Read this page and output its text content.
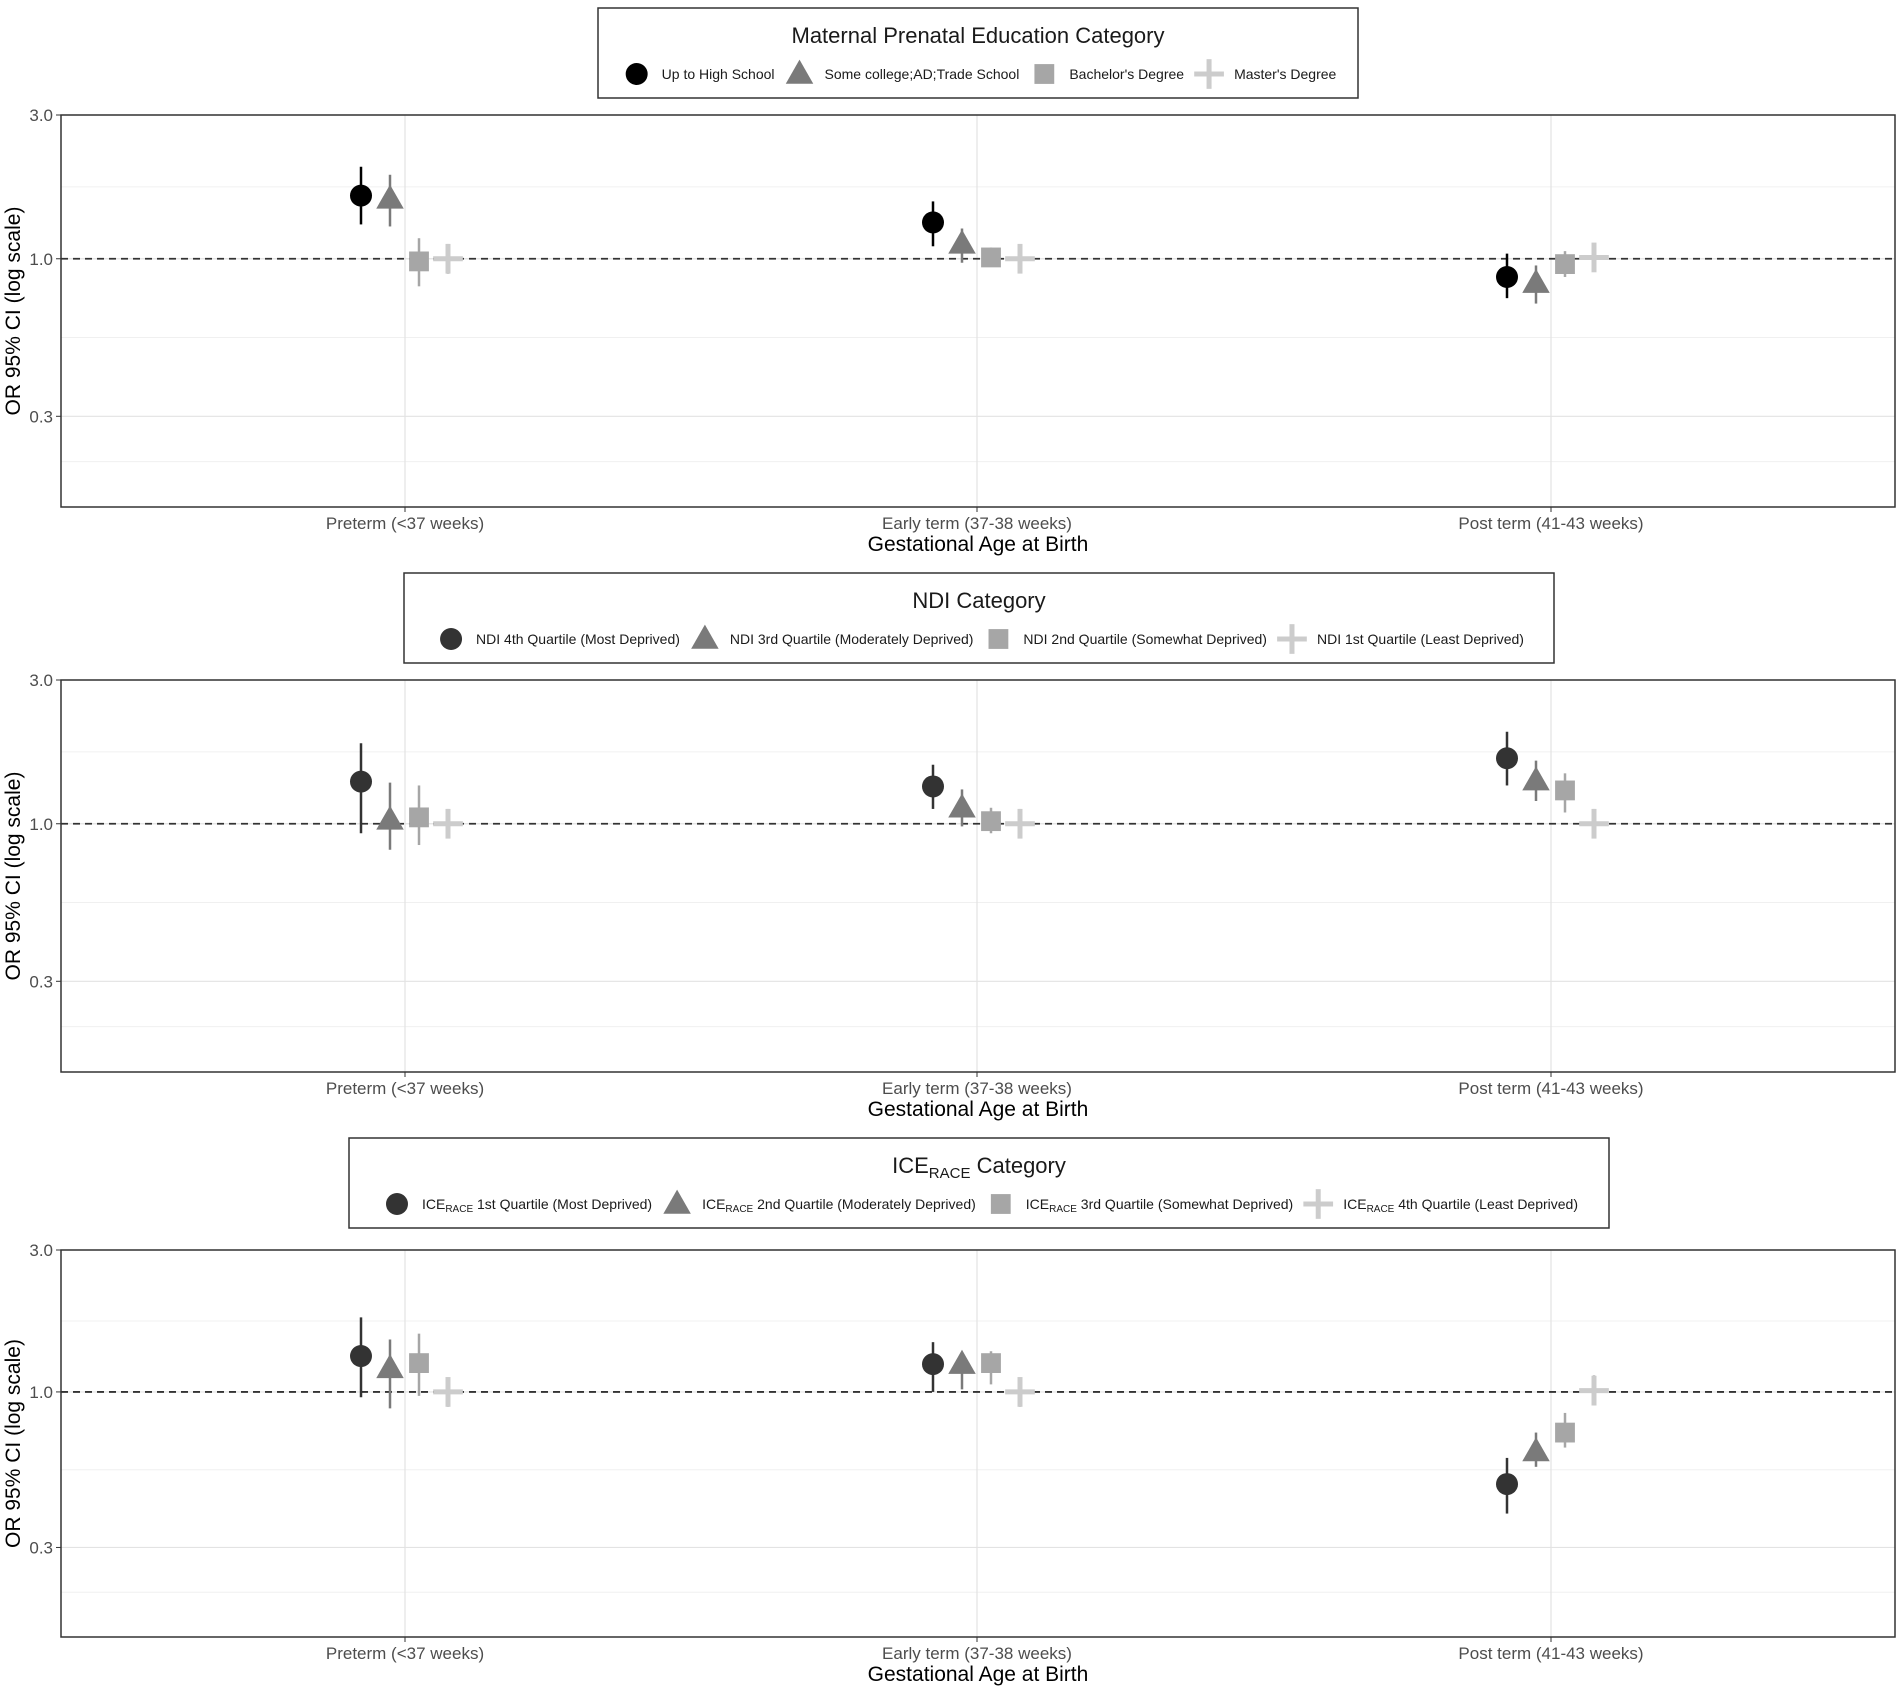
Maternal Prenatal Education Category
Up to High School	Some college;AD;Trade School	Bachelor's Degree	Master's Degree
0.3
1.0
3.0
OR 95% CI (log scale)
Preterm (<37 weeks)	Early term (37-38 weeks)	Post term (41-43 weeks)
Gestational Age at Birth
NDI Category
NDI 4th Quartile (Most Deprived)	NDI 3rd Quartile (Moderately Deprived)	NDI 2nd Quartile (Somewhat Deprived)	NDI 1st Quartile (Least Deprived)
0.3
1.0
3.0
OR 95% CI (log scale)
Preterm (<37 weeks)	Early term (37-38 weeks)	Post term (41-43 weeks)
Gestational Age at Birth
$ICE_{RACE}$ Category
$ICE_{RACE}$ 1st Quartile (Most Deprived)	$ICE_{RACE}$ 2nd Quartile (Moderately Deprived)	$ICE_{RACE}$ 3rd Quartile (Somewhat Deprived)	$ICE_{RACE}$ 4th Quartile (Least Deprived)
0.3
1.0
3.0
OR 95% CI (log scale)
Preterm (<37 weeks)	Early term (37-38 weeks)	Post term (41-43 weeks)
Gestational Age at Birth
